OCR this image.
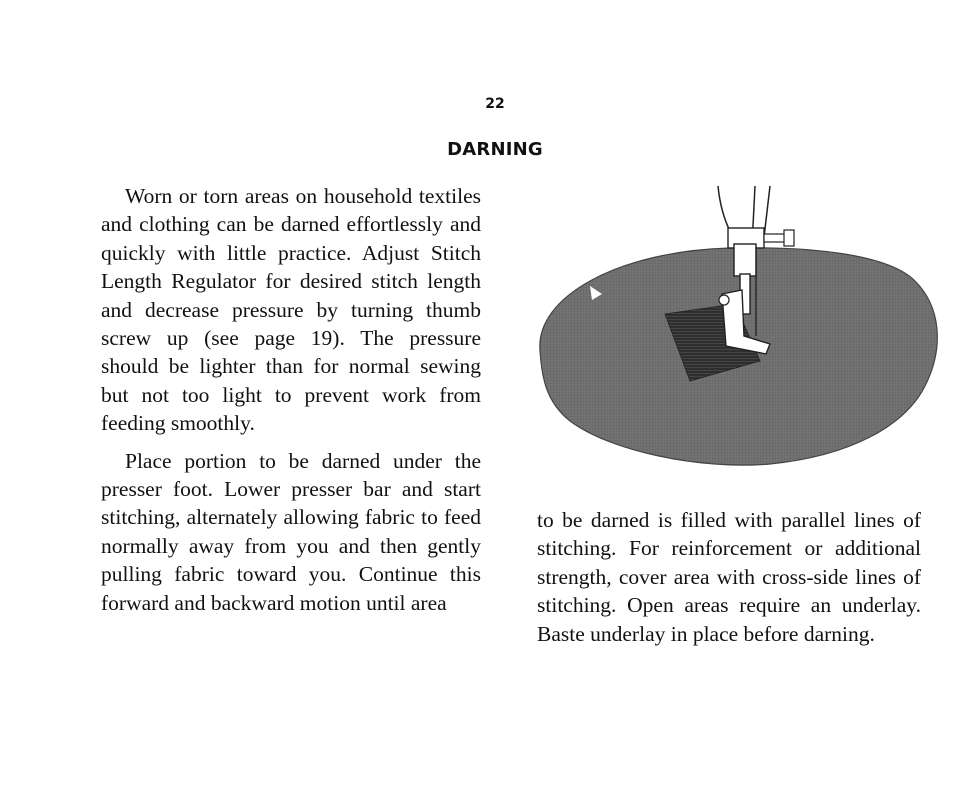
22
DARNING

Worn or torn areas on household textiles and clothing can be darned effortlessly and quickly with little practice. Adjust Stitch Length Regulator for desired stitch length and decrease pressure by turning thumb screw up (see page 19). The pressure should be lighter than for normal sewing but not too light to prevent work from feeding smoothly.

Place portion to be darned under the presser foot. Lower presser bar and start stitching, alternately allowing fabric to feed normally away from you and then gently pulling fabric toward you. Continue this forward and backward motion until area

to be darned is filled with parallel lines of stitching. For reinforcement or additional strength, cover area with cross-side lines of stitching. Open areas require an underlay. Baste underlay in place before darning.
